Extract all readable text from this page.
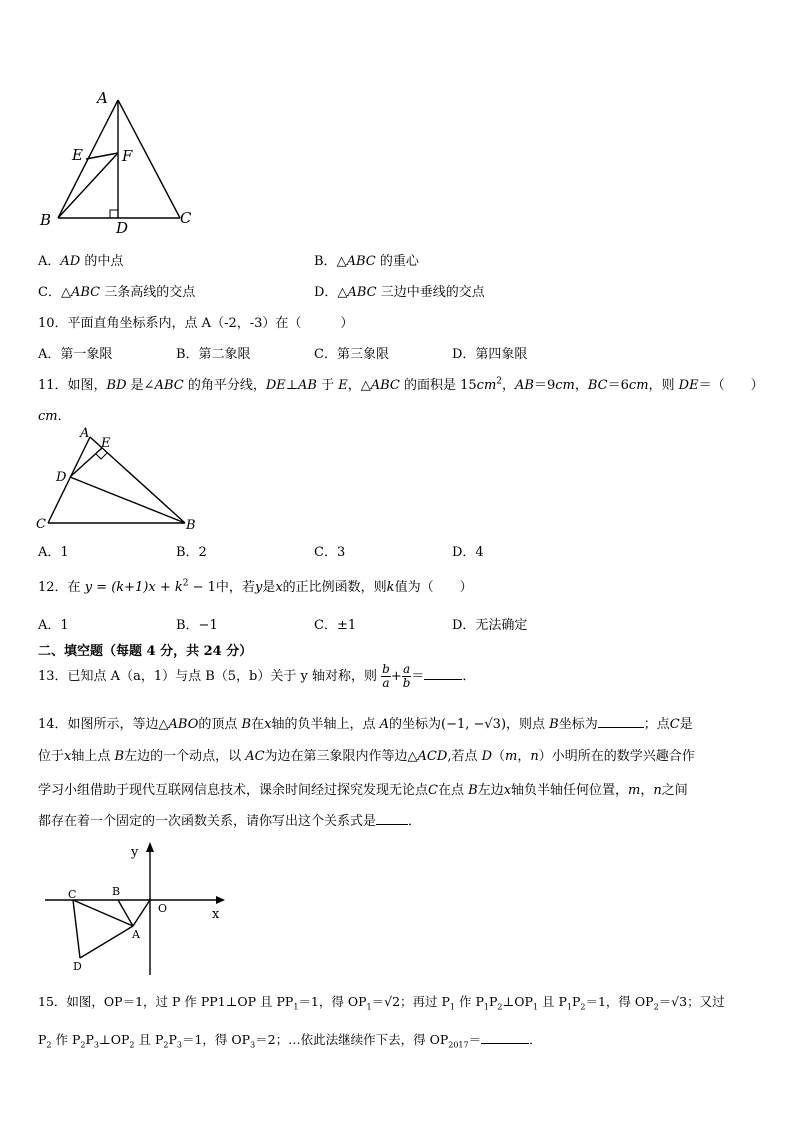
A
E	F
B	D
C
A．AD 的中点	B．△ABC 的重心
C．△ABC 三条高线的交点	D．△ABC 三边中垂线的交点
10．平面直角坐标系内，点 A（-2，-3）在（　　　）
A．第一象限	B．第二象限	C．第三象限	D．第四象限
11．如图，BD 是∠ABC 的角平分线，DE⊥AB 于 E，△ABC 的面积是 $15cm^2$，AB＝9cm，BC＝6cm，则 DE＝（　　）
cm．
A
E
D
C	B
A．1	B．2	C．3	D．4
12．在 $y = (k+1)x + k^2 - 1$中，若y是x的正比例函数，则k值为（　　）
A．1	B．−1	C．±1	D．无法确定
二、填空题（每题 4 分，共 24 分）
13．已知点 A（a，1）与点 B（5，b）关于 y 轴对称，则 $\frac{b}{a} + \frac{a}{b}$ ＝	．
14．如图所示，等边△ABO的顶点 B在x轴的负半轴上，点 A的坐标为(−1, −√3)，则点 B坐标为	；点C是
位于x轴上点 B左边的一个动点，以 AC为边在第三象限内作等边△ACD,若点 D（m，n）小明所在的数学兴趣合作
学习小组借助于现代互联网信息技术，课余时间经过探究发现无论点C在点 B左边x轴负半轴任何位置，m，n之间
都存在着一个固定的一次函数关系，请你写出这个关系式是 ．
y
x
O
C	B
A
D
15．如图，OP＝1，过 P 作 PP1⊥OP 且 $PP_1=1$，得 $OP_1=√2$；再过 $P_1$ 作 $P_1P_2\perp OP_1$ 且 $P_1P_2=1$，得 $OP_2=√3$；又过
$P_2$ 作 $P_2P_3\perp OP_2$ 且 $P_2P_3=1$，得 $OP_3=2$；…依此法继续作下去，得 $OP_{2017}=$	．
